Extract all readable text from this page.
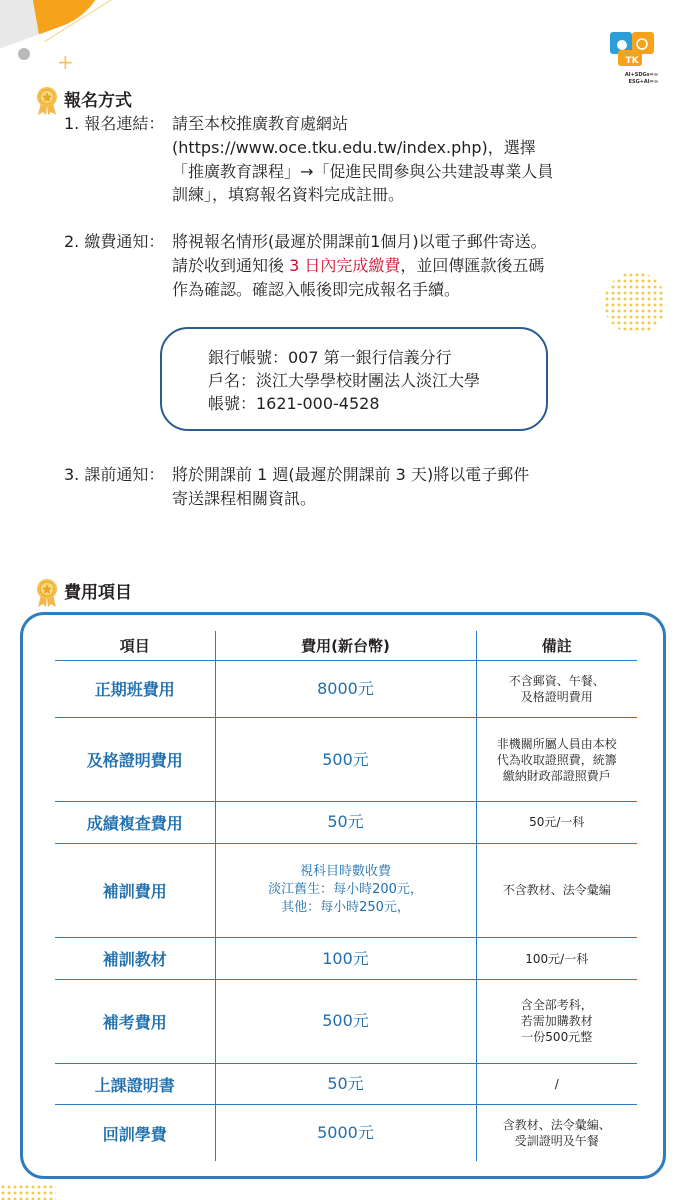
+	TK
AI+SDGs=∞
ESG+AI=∞
報名方式
1. 報名連結： 請至本校推廣教育處網站
(https://www.oce.tku.edu.tw/index.php)，選擇
「推廣教育課程」→「促進民間參與公共建設專業人員
訓練」，填寫報名資料完成註冊。
2. 繳費通知： 將視報名情形(最遲於開課前1個月)以電子郵件寄送。
請於收到通知後 3 日內完成繳費，並回傳匯款後五碼
作為確認。確認入帳後即完成報名手續。
銀行帳號：007 第一銀行信義分行
戶名：淡江大學學校財團法人淡江大學
帳號：1621-000-4528
3. 課前通知： 將於開課前 1 週(最遲於開課前 3 天)將以電子郵件
寄送課程相關資訊。
費用項目
項目	費用(新台幣)	備註
正期班費用	8000元	不含郵資、午餐、
及格證明費用
及格證明費用	500元	非機關所屬人員由本校
代為收取證照費，統籌
繳納財政部證照費戶
成績複查費用	50元	50元/一科
補訓費用	視科目時數收費
淡江舊生：每小時200元，
其他：每小時250元，	不含教材、法令彙編
補訓教材	100元	100元/一科
補考費用	500元	含全部考科，
若需加購教材
一份500元整
上課證明書	50元	/
回訓學費	5000元	含教材、法令彙編、
受訓證明及午餐
